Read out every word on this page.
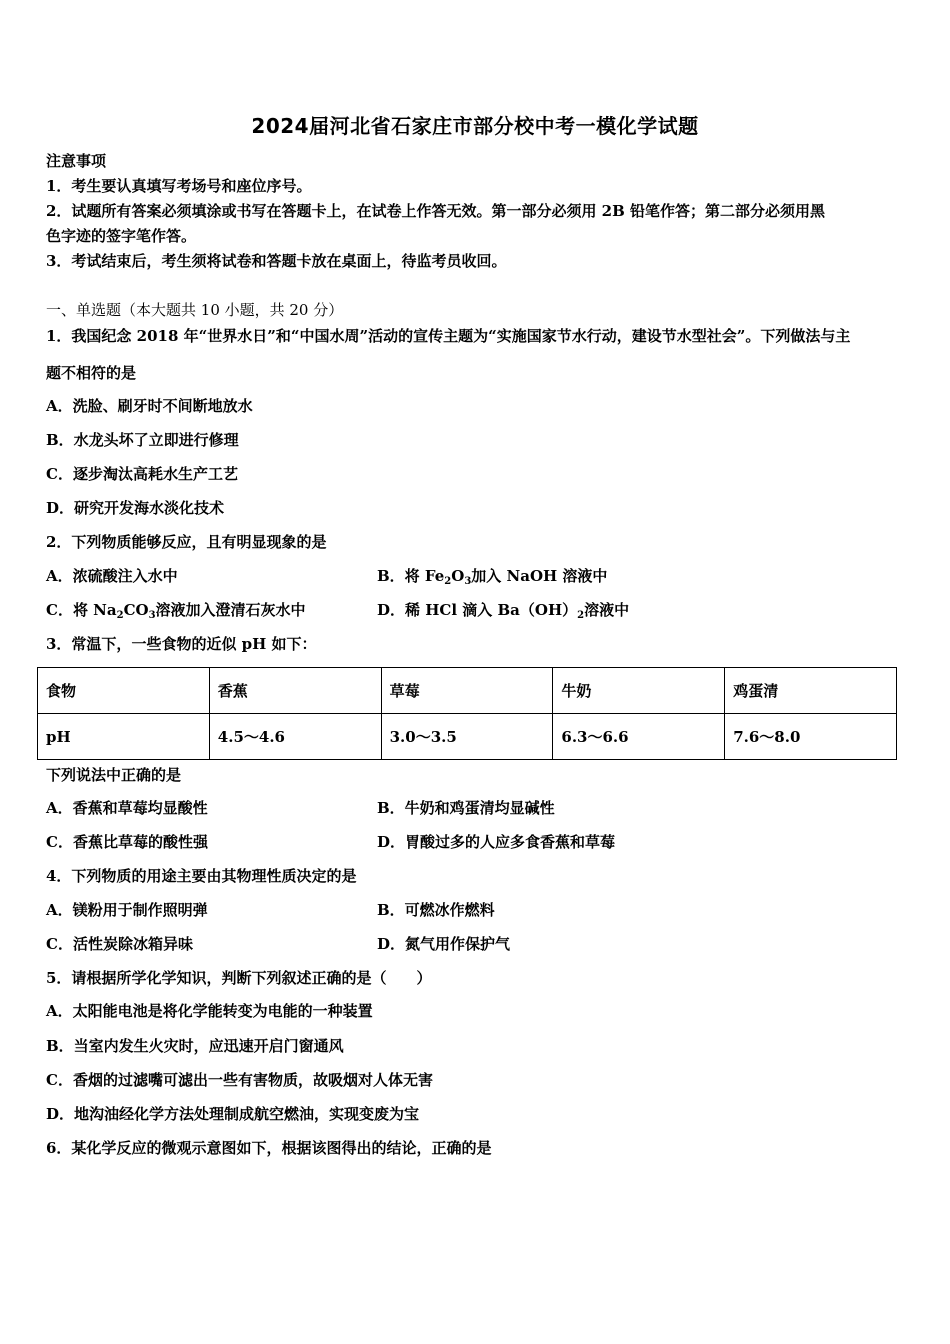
2024届河北省石家庄市部分校中考一模化学试题
注意事项
1．考生要认真填写考场号和座位序号。
2．试题所有答案必须填涂或书写在答题卡上，在试卷上作答无效。第一部分必须用 2B 铅笔作答；第二部分必须用黑
色字迹的签字笔作答。
3．考试结束后，考生须将试卷和答题卡放在桌面上，待监考员收回。
一、单选题（本大题共 10 小题，共 20 分）
1．我国纪念 2018 年“世界水日”和“中国水周”活动的宣传主题为“实施国家节水行动，建设节水型社会”。下列做法与主
题不相符的是
A．洗脸、刷牙时不间断地放水
B．水龙头坏了立即进行修理
C．逐步淘汰高耗水生产工艺
D．研究开发海水淡化技术
2．下列物质能够反应，且有明显现象的是
A．浓硫酸注入水中	B．将 $Fe_2O_3$加入 NaOH 溶液中
C．将 $Na_2CO_3$溶液加入澄清石灰水中	D．稀 HCl 滴入 $Ba(OH)_2$溶液中
3．常温下，一些食物的近似 pH 如下：
食物	香蕉	草莓	牛奶	鸡蛋清
pH	4.5～4.6	3.0～3.5	6.3～6.6	7.6～8.0
下列说法中正确的是
A．香蕉和草莓均显酸性	B．牛奶和鸡蛋清均显碱性
C．香蕉比草莓的酸性强	D．胃酸过多的人应多食香蕉和草莓
4．下列物质的用途主要由其物理性质决定的是
A．镁粉用于制作照明弹	B．可燃冰作燃料
C．活性炭除冰箱异味	D．氮气用作保护气
5．请根据所学化学知识，判断下列叙述正确的是（　　）
A．太阳能电池是将化学能转变为电能的一种装置
B．当室内发生火灾时，应迅速开启门窗通风
C．香烟的过滤嘴可滤出一些有害物质，故吸烟对人体无害
D．地沟油经化学方法处理制成航空燃油，实现变废为宝
6．某化学反应的微观示意图如下，根据该图得出的结论，正确的是
